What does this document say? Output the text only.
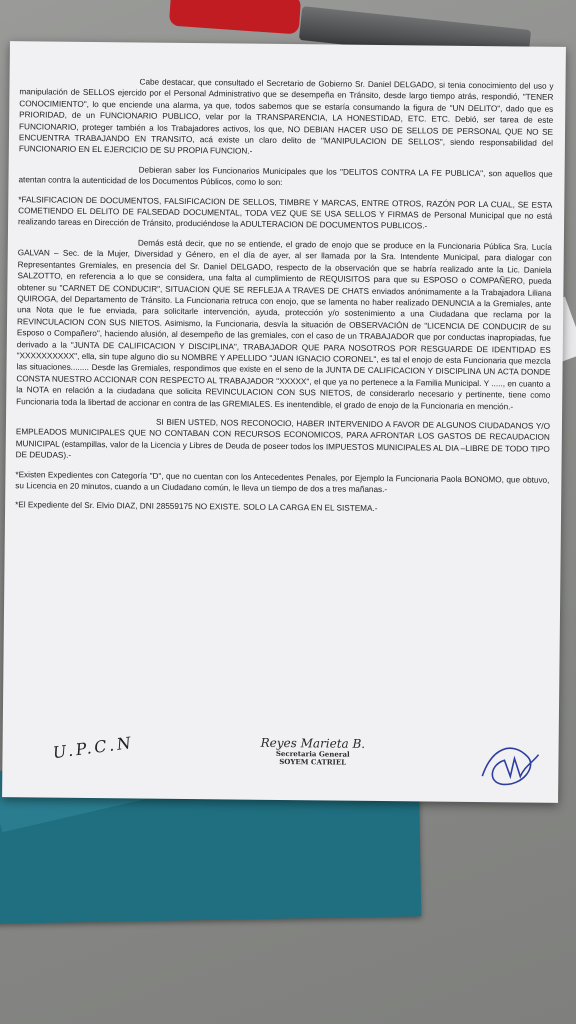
Cabe destacar, que consultado el Secretario de Gobierno Sr. Daniel DELGADO, si tenia conocimiento del uso y manipulación de SELLOS ejercido por el Personal Administrativo que se desempeña en Tránsito, desde largo tiempo atrás, respondió, "TENER CONOCIMIENTO", lo que enciende una alarma, ya que, todos sabemos que se estaría consumando la figura de "UN DELITO", dado que es PRIORIDAD, de un FUNCIONARIO PUBLICO, velar por la TRANSPARENCIA, LA HONESTIDAD, ETC. ETC. Debió, ser tarea de este FUNCIONARIO, proteger también a los Trabajadores activos, los que, NO DEBIAN HACER USO DE SELLOS DE PERSONAL QUE NO SE ENCUENTRA TRABAJANDO EN TRANSITO, acá existe un claro delito de "MANIPULACION DE SELLOS", siendo responsabilidad del FUNCIONARIO EN EL EJERCICIO DE SU PROPIA FUNCION.-

Debieran saber los Funcionarios Municipales que los "DELITOS CONTRA LA FE PUBLICA", son aquellos que atentan contra la autenticidad de los Documentos Públicos, como lo son:

*FALSIFICACION DE DOCUMENTOS, FALSIFICACION DE SELLOS, TIMBRE Y MARCAS, ENTRE OTROS, RAZÓN POR LA CUAL, SE ESTA COMETIENDO EL DELITO DE FALSEDAD DOCUMENTAL, TODA VEZ QUE SE USA SELLOS Y FIRMAS de Personal Municipal que no está realizando tareas en Dirección de Tránsito, produciéndose la ADULTERACION DE DOCUMENTOS PUBLICOS.-

Demás está decir, que no se entiende, el grado de enojo que se produce en la Funcionaria Pública Sra. Lucía GALVAN – Sec. de la Mujer, Diversidad y Género, en el día de ayer, al ser llamada por la Sra. Intendente Municipal, para dialogar con Representantes Gremiales, en presencia del Sr. Daniel DELGADO, respecto de la observación que se habría realizado ante la Lic. Daniela SALZOTTO, en referencia a lo que se considera, una falta al cumplimiento de REQUISITOS para que su ESPOSO o COMPAÑERO, pueda obtener su "CARNET DE CONDUCIR", SITUACION QUE SE REFLEJA A TRAVES DE CHATS enviados anónimamente a la Trabajadora Liliana QUIROGA, del Departamento de Tránsito. La Funcionaria retruca con enojo, que se lamenta no haber realizado DENUNCIA a la Gremiales, ante una Nota que le fue enviada, para solicitarle intervención, ayuda, protección y/o sostenimiento a una Ciudadana que reclama por la REVINCULACION CON SUS NIETOS. Asimismo, la Funcionaria, desvía la situación de OBSERVACIÓN de "LICENCIA DE CONDUCIR de su Esposo o Compañero", haciendo alusión, al desempeño de las gremiales, con el caso de un TRABAJADOR que por conductas inapropiadas, fue derivado a la "JUNTA DE CALIFICACION Y DISCIPLINA", TRABAJADOR QUE PARA NOSOTROS POR RESGUARDE DE IDENTIDAD ES "XXXXXXXXXX", ella, sin tupe alguno dio su NOMBRE Y APELLIDO "JUAN IGNACIO CORONEL", es tal el enojo de esta Funcionaria que mezcla las situaciones........ Desde las Gremiales, respondimos que existe en el seno de la JUNTA DE CALIFICACION Y DISCIPLINA UN ACTA DONDE CONSTA NUESTRO ACCIONAR CON RESPECTO AL TRABAJADOR "XXXXX", el que ya no pertenece a la Familia Municipal. Y ....., en cuanto a la NOTA en relación a la ciudadana que solicita REVINCULACION CON SUS NIETOS, de considerarlo necesario y pertinente, tiene como Funcionaria toda la libertad de accionar en contra de las GREMIALES. Es inentendible, el grado de enojo de la Funcionaria en mención.-

SI BIEN USTED, NOS RECONOCIO, HABER INTERVENIDO A FAVOR DE ALGUNOS CIUDADANOS Y/O EMPLEADOS MUNICIPALES QUE NO CONTABAN CON RECURSOS ECONOMICOS, PARA AFRONTAR LOS GASTOS DE RECAUDACION MUNICIPAL (estampillas, valor de la Licencia y Libres de Deuda de poseer todos los IMPUESTOS MUNICIPALES AL DIA –LIBRE DE TODO TIPO DE DEUDAS).-

*Existen Expedientes con Categoría "D", que no cuentan con los Antecedentes Penales, por Ejemplo la Funcionaria Paola BONOMO, que obtuvo, su Licencia en 20 minutos, cuando a un Ciudadano común, le lleva un tiempo de dos a tres mañanas.-

*El Expediente del Sr. Elvio DIAZ, DNI 28559175 NO EXISTE. SOLO LA CARGA EN EL SISTEMA.-

U.P.C.N	Reyes Marieta B.
Secretaria General
SOYEM CATRIEL
